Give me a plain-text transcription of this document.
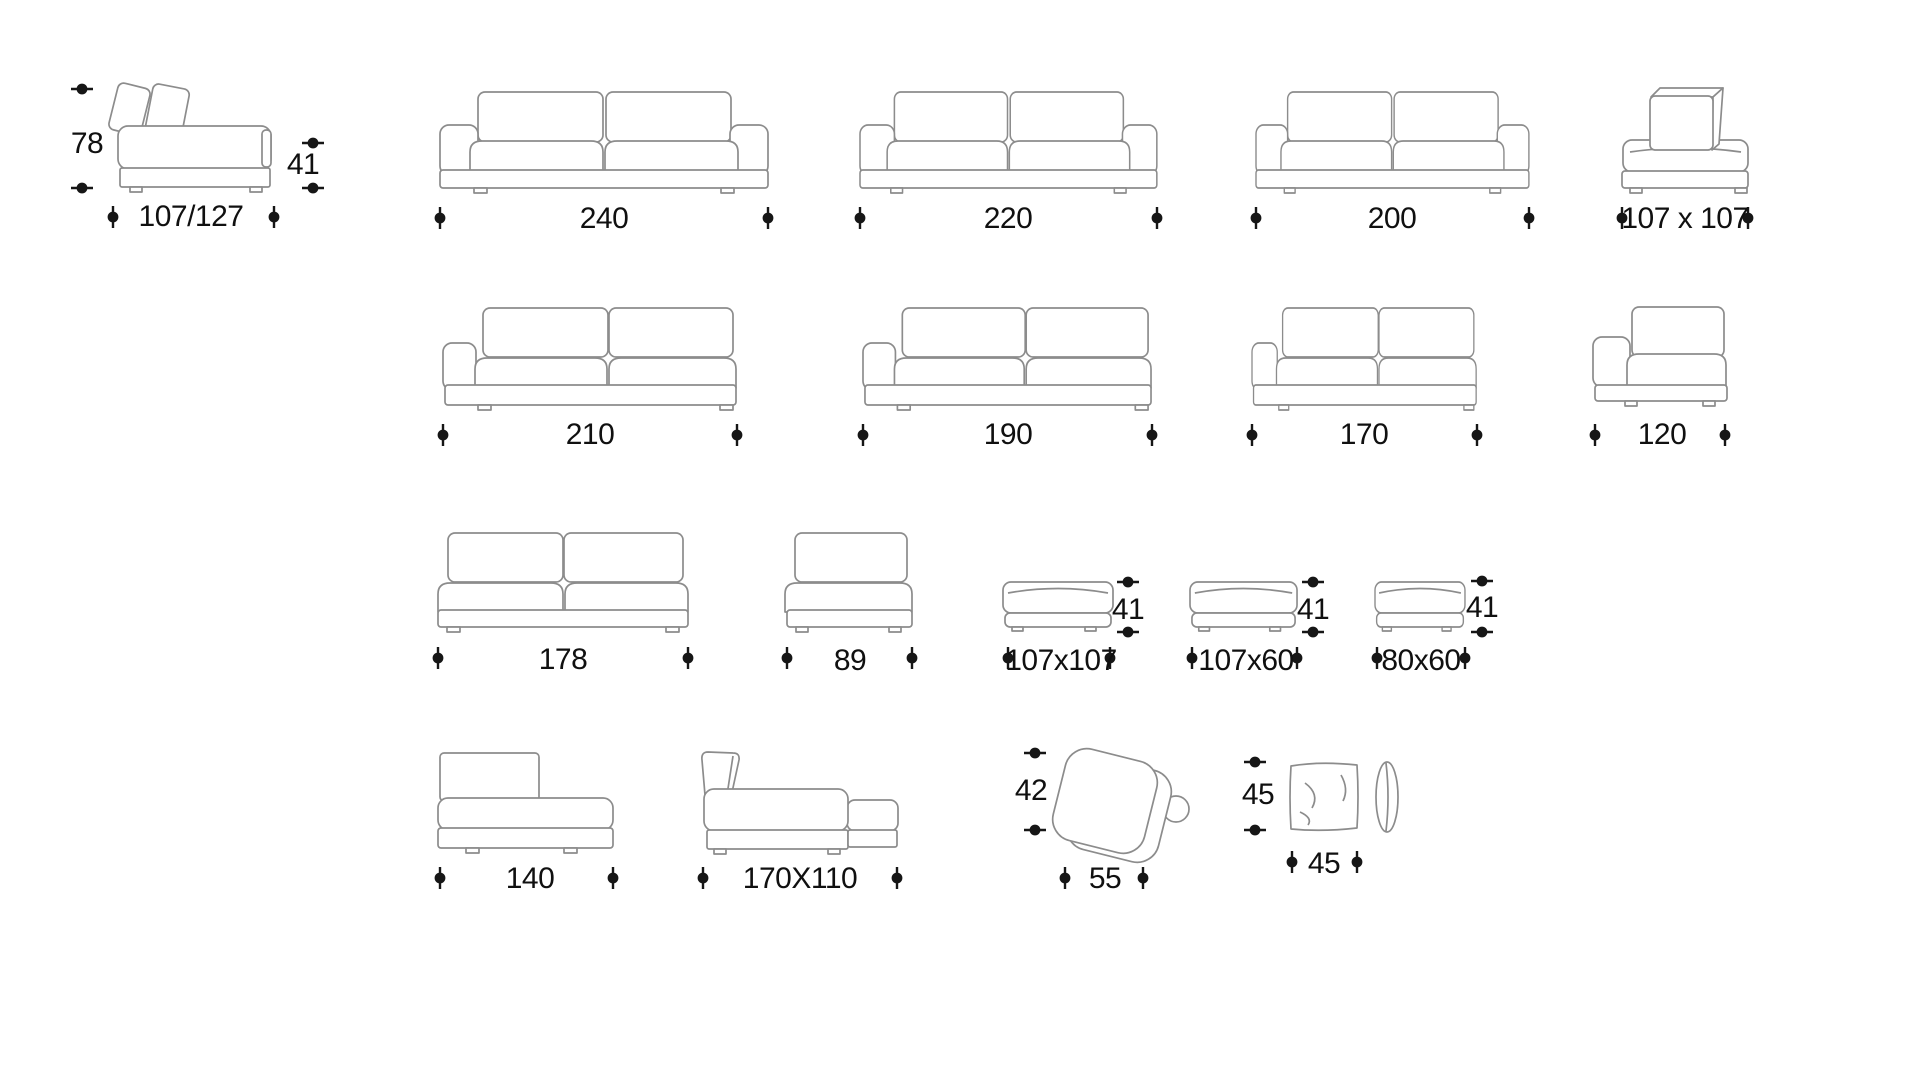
78
41
107/127	240	220	200	107 x 107
210	190	170	120
178	89
41	41	41
107x107	107x60	80x60
140	170X110
42
55
45
45
